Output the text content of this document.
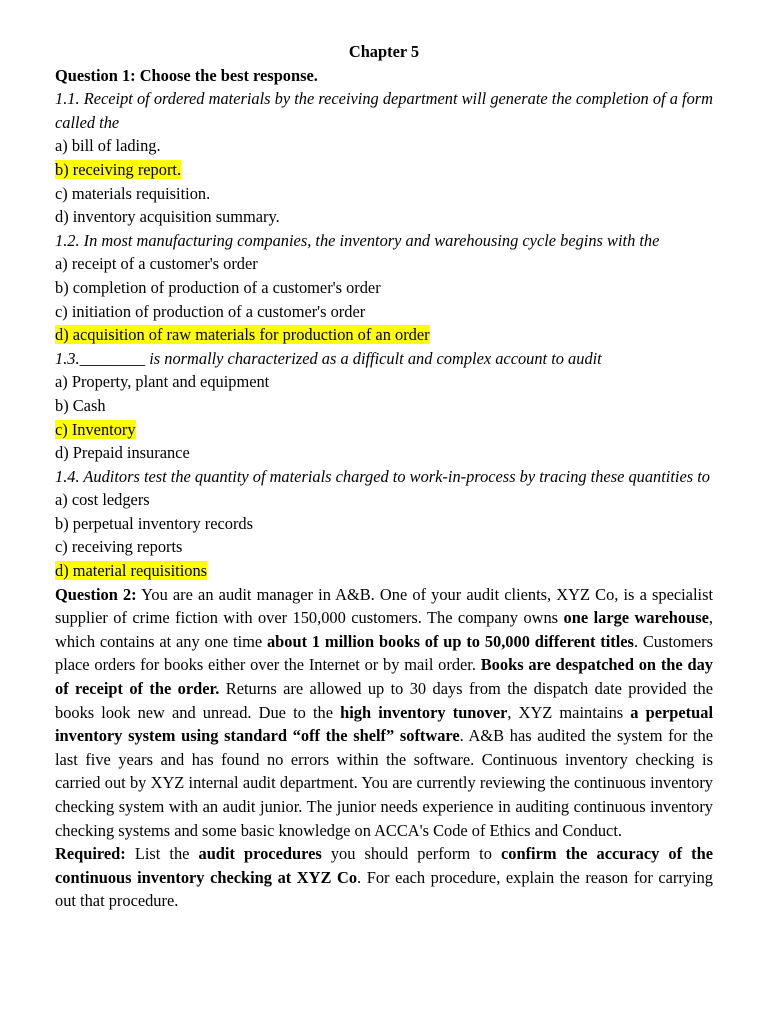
Chapter 5
Question 1: Choose the best response.
1.1. Receipt of ordered materials by the receiving department will generate the completion of a form called the
a) bill of lading.
b) receiving report.
c) materials requisition.
d) inventory acquisition summary.
1.2. In most manufacturing companies, the inventory and warehousing cycle begins with the
a) receipt of a customer's order
b) completion of production of a customer's order
c) initiation of production of a customer's order
d) acquisition of raw materials for production of an order
1.3.________ is normally characterized as a difficult and complex account to audit
a) Property, plant and equipment
b) Cash
c) Inventory
d) Prepaid insurance
1.4. Auditors test the quantity of materials charged to work-in-process by tracing these quantities to
a) cost ledgers
b) perpetual inventory records
c) receiving reports
d) material requisitions
Question 2: You are an audit manager in A&B. One of your audit clients, XYZ Co, is a specialist supplier of crime fiction with over 150,000 customers. The company owns one large warehouse, which contains at any one time about 1 million books of up to 50,000 different titles. Customers place orders for books either over the Internet or by mail order. Books are despatched on the day of receipt of the order. Returns are allowed up to 30 days from the dispatch date provided the books look new and unread. Due to the high inventory tunover, XYZ maintains a perpetual inventory system using standard “off the shelf” software. A&B has audited the system for the last five years and has found no errors within the software. Continuous inventory checking is carried out by XYZ internal audit department. You are currently reviewing the continuous inventory checking system with an audit junior. The junior needs experience in auditing continuous inventory checking systems and some basic knowledge on ACCA's Code of Ethics and Conduct.
Required: List the audit procedures you should perform to confirm the accuracy of the continuous inventory checking at XYZ Co. For each procedure, explain the reason for carrying out that procedure.
